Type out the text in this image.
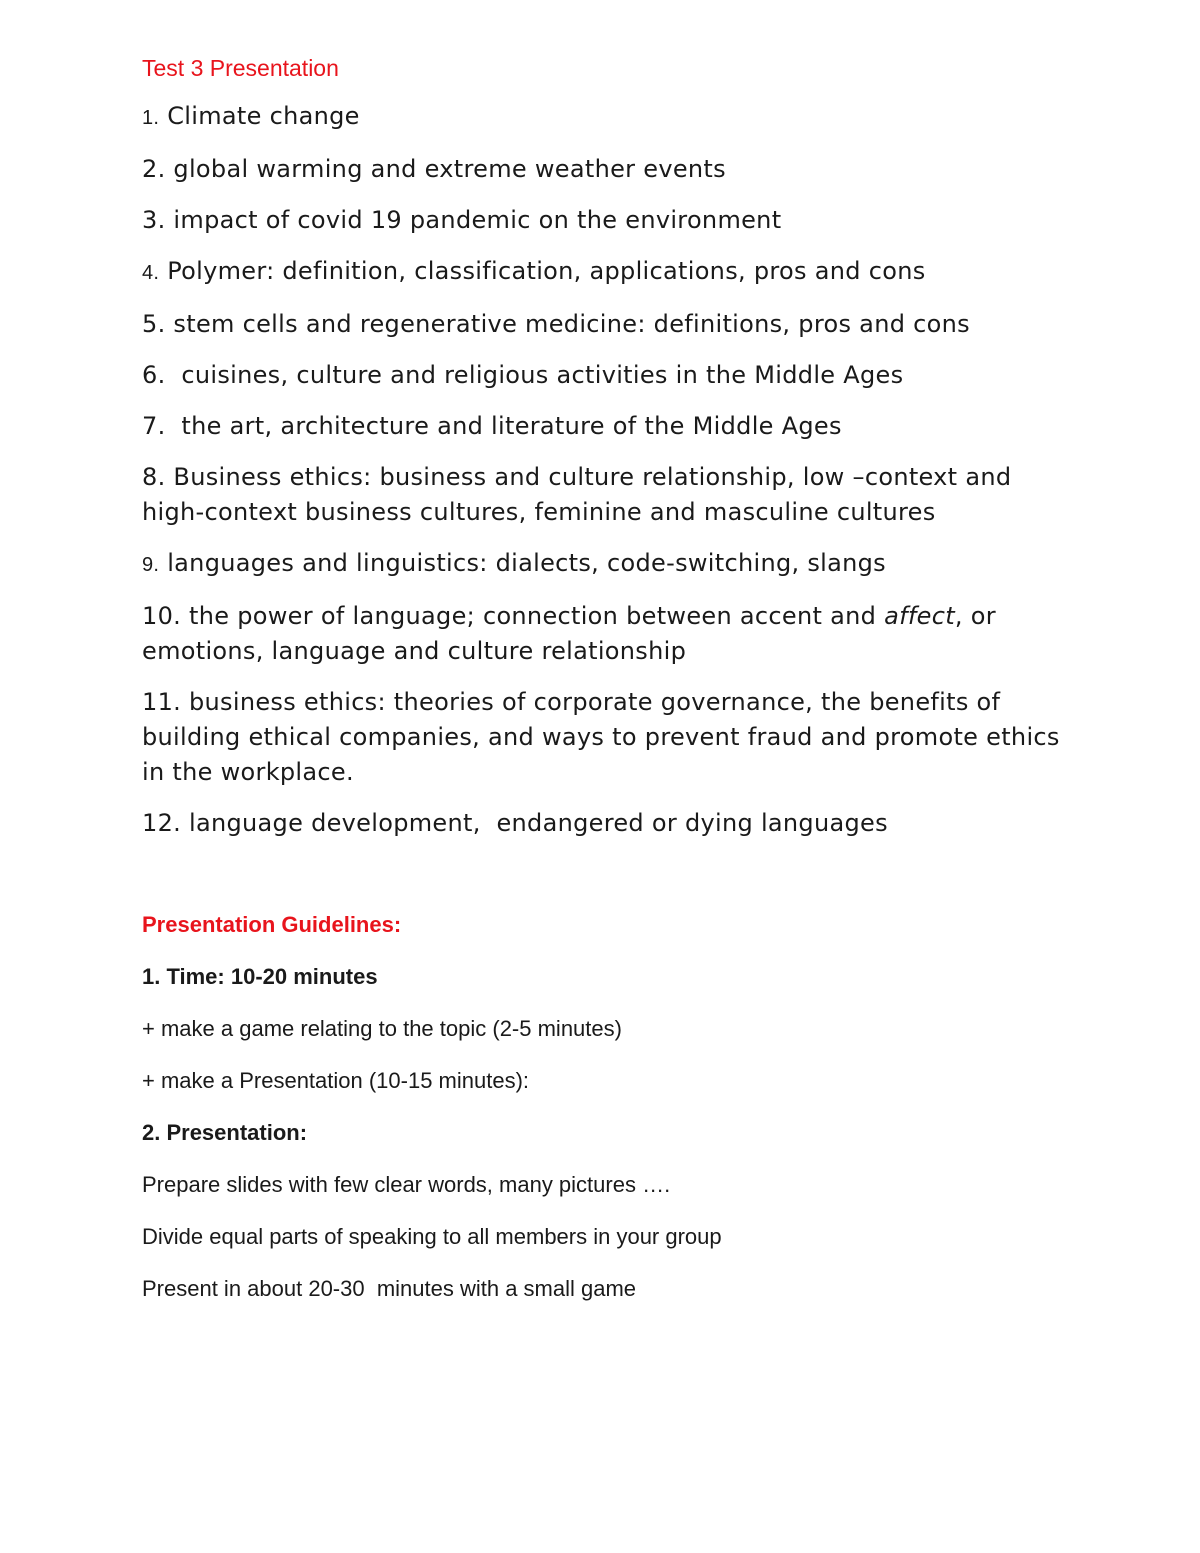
Test 3 Presentation
1. Climate change
2. global warming and extreme weather events
3. impact of covid 19 pandemic on the environment
4. Polymer: definition, classification, applications, pros and cons
5. stem cells and regenerative medicine: definitions, pros and cons
6.  cuisines, culture and religious activities in the Middle Ages
7.  the art, architecture and literature of the Middle Ages
8. Business ethics: business and culture relationship, low –context and high-context business cultures, feminine and masculine cultures
9. languages and linguistics: dialects, code-switching, slangs
10. the power of language; connection between accent and affect, or emotions, language and culture relationship
11. business ethics: theories of corporate governance, the benefits of building ethical companies, and ways to prevent fraud and promote ethics in the workplace.
12. language development,  endangered or dying languages
Presentation Guidelines:
1. Time: 10-20 minutes
+ make a game relating to the topic (2-5 minutes)
+ make a Presentation (10-15 minutes):
2. Presentation:
Prepare slides with few clear words, many pictures ….
Divide equal parts of speaking to all members in your group
Present in about 20-30  minutes with a small game
